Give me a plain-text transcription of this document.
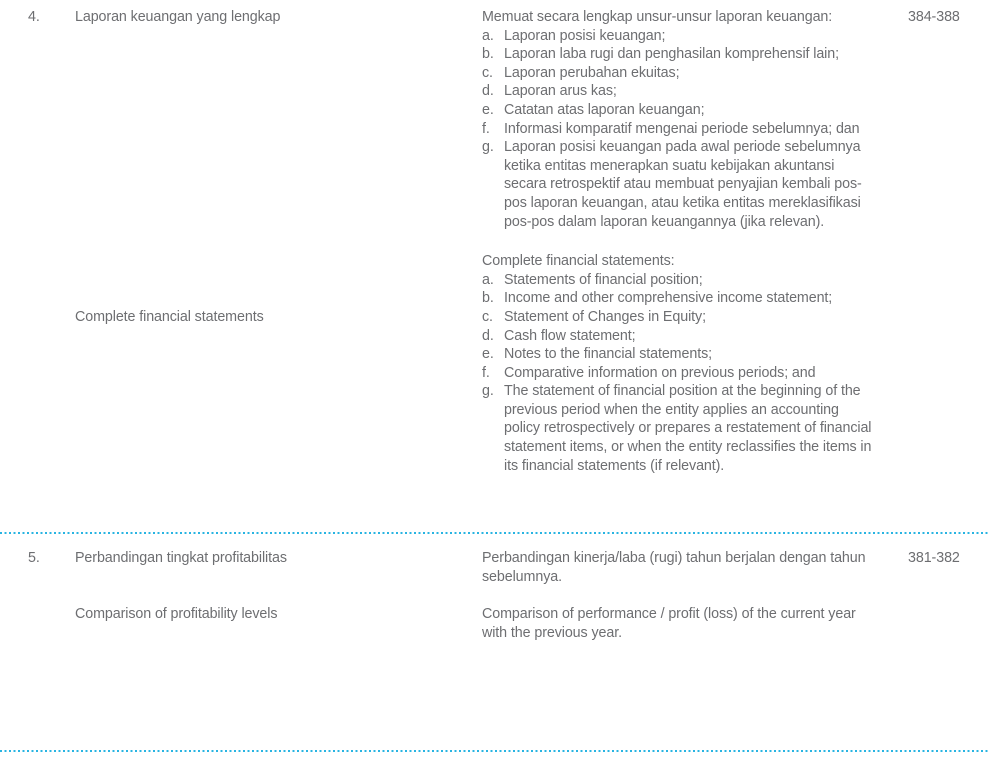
4.	Laporan keuangan yang lengkap
Complete financial statements
Memuat secara lengkap unsur-unsur laporan keuangan:
a. Laporan posisi keuangan;
b. Laporan laba rugi dan penghasilan komprehensif lain;
c. Laporan perubahan ekuitas;
d. Laporan arus kas;
e. Catatan atas laporan keuangan;
f. Informasi komparatif mengenai periode sebelumnya; dan
g. Laporan posisi keuangan pada awal periode sebelumnya ketika entitas menerapkan suatu kebijakan akuntansi secara retrospektif atau membuat penyajian kembali pos-pos laporan keuangan, atau ketika entitas mereklasifikasi pos-pos dalam laporan keuangannya (jika relevan).
Complete financial statements:
a. Statements of financial position;
b. Income and other comprehensive income statement;
c. Statement of Changes in Equity;
d. Cash flow statement;
e. Notes to the financial statements;
f. Comparative information on previous periods; and
g. The statement of financial position at the beginning of the previous period when the entity applies an accounting policy retrospectively or prepares a restatement of financial statement items, or when the entity reclassifies the items in its financial statements (if relevant).
384-388
5.	Perbandingan tingkat profitabilitas
Comparison of profitability levels
Perbandingan kinerja/laba (rugi) tahun berjalan dengan tahun sebelumnya.
Comparison of performance / profit (loss) of the current year with the previous year.
381-382
